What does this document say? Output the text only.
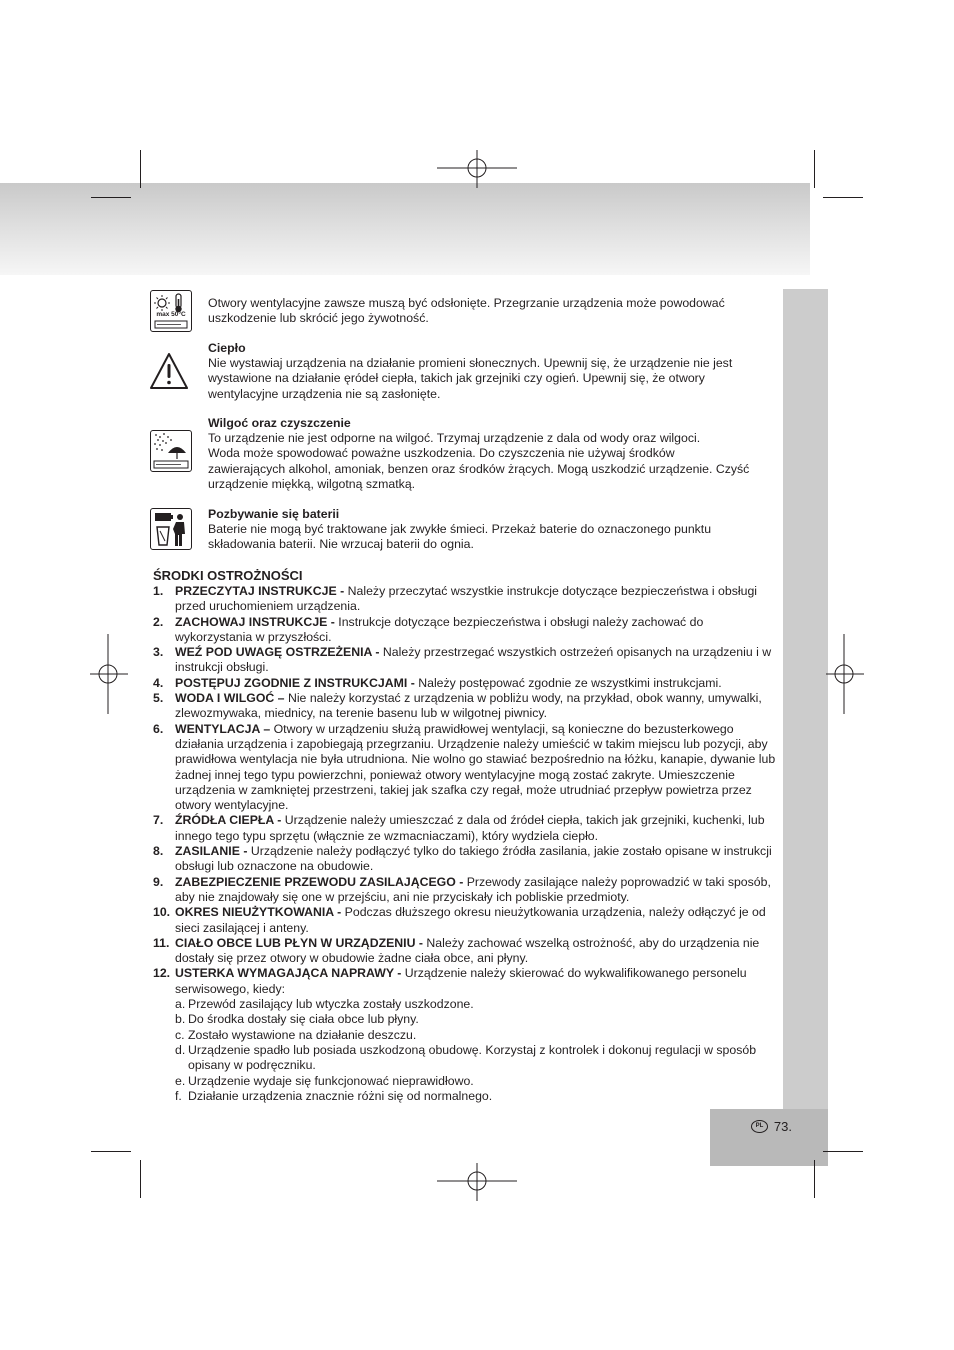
PL 73.
max 50°C

Otwory wentylacyjne zawsze muszą być odsłonięte. Przegrzanie urządzenia może powodować

uszkodzenie lub skrócić jego żywotność.

Ciepło

Nie wystawiaj urządzenia na działanie promieni słonecznych. Upewnij się, że urządzenie nie jest

wystawione na działanie ęródeł ciepła, takich jak grzejniki czy ogień. Upewnij się, że otwory

wentylacyjne urządzenia nie są zasłonięte.

Wilgoć oraz czyszczenie

To urządzenie nie jest odporne na wilgoć. Trzymaj urządzenie z dala od wody oraz wilgoci.

Woda może spowodować poważne uszkodzenia. Do czyszczenia nie używaj środków

zawierających alkohol, amoniak, benzen oraz środków żrących. Mogą uszkodzić urządzenie. Czyść

urządzenie miękką, wilgotną szmatką.

Pozbywanie się baterii

Baterie nie mogą być traktowane jak zwykłe śmieci. Przekaż baterie do oznaczonego punktu

składowania baterii. Nie wrzucaj baterii do ognia.

ŚRODKI OSTROŻNOŚCI
1. PRZECZYTAJ INSTRUKCJE - Należy przeczytać wszystkie instrukcje dotyczące bezpieczeństwa i obsługi przed uruchomieniem urządzenia.
2. ZACHOWAJ INSTRUKCJE - Instrukcje dotyczące bezpieczeństwa i obsługi należy zachować do wykorzystania w przyszłości.
3. WEŹ POD UWAGĘ OSTRZEŻENIA - Należy przestrzegać wszystkich ostrzeżeń opisanych na urządzeniu i w instrukcji obsługi.
4. POSTĘPUJ ZGODNIE Z INSTRUKCJAMI - Należy postępować zgodnie ze wszystkimi instrukcjami.
5. WODA I WILGOĆ – Nie należy korzystać z urządzenia w pobliżu wody, na przykład, obok wanny, umywalki, zlewozmywaka, miednicy, na terenie basenu lub w wilgotnej piwnicy.
6. WENTYLACJA – Otwory w urządzeniu służą prawidłowej wentylacji, są konieczne do bezusterkowego działania urządzenia i zapobiegają przegrzaniu. Urządzenie należy umieścić w takim miejscu lub pozycji, aby prawidłowa wentylacja nie była utrudniona. Nie wolno go stawiać bezpośrednio na łóżku, kanapie, dywanie lub żadnej innej tego typu powierzchni, ponieważ otwory wentylacyjne mogą zostać zakryte. Umieszczenie urządzenia w zamkniętej przestrzeni, takiej jak szafka czy regał, może utrudniać przepływ powietrza przez otwory wentylacyjne.
7. ŹRÓDŁA CIEPŁA - Urządzenie należy umieszczać z dala od źródeł ciepła, takich jak grzejniki, kuchenki, lub innego tego typu sprzętu (włącznie ze wzmacniaczami), który wydziela ciepło.
8. ZASILANIE - Urządzenie należy podłączyć tylko do takiego źródła zasilania, jakie zostało opisane w instrukcji obsługi lub oznaczone na obudowie.
9. ZABEZPIECZENIE PRZEWODU ZASILAJĄCEGO - Przewody zasilające należy poprowadzić w taki sposób, aby nie znajdowały się one w przejściu, ani nie przyciskały ich pobliskie przedmioty.
10. OKRES NIEUŻYTKOWANIA - Podczas dłuższego okresu nieużytkowania urządzenia, należy odłączyć je od sieci zasilającej i anteny.
11. CIAŁO OBCE LUB PŁYN W URZĄDZENIU - Należy zachować wszelką ostrożność, aby do urządzenia nie dostały się przez otwory w obudowie żadne ciała obce, ani płyny.
12. USTERKA WYMAGAJĄCA NAPRAWY - Urządzenie należy skierować do wykwalifikowanego personelu serwisowego, kiedy:
a. Przewód zasilający lub wtyczka zostały uszkodzone.
b. Do środka dostały się ciała obce lub płyny.
c. Zostało wystawione na działanie deszczu.
d. Urządzenie spadło lub posiada uszkodzoną obudowę. Korzystaj z kontrolek i dokonuj regulacji w sposób opisany w podręczniku.
e. Urządzenie wydaje się funkcjonować nieprawidłowo.
f. Działanie urządzenia znacznie różni się od normalnego.
